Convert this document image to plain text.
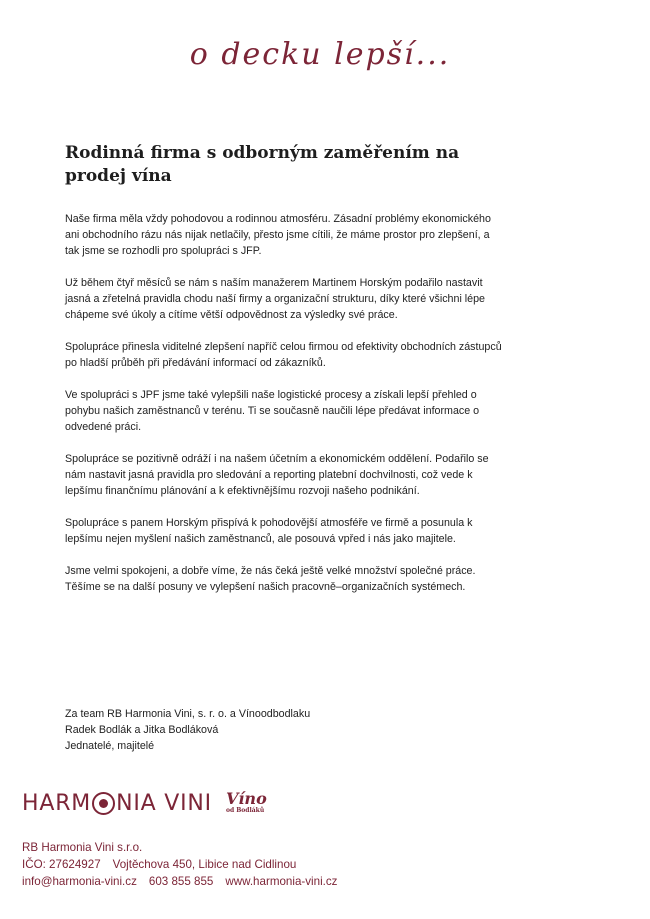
o decku lepší...
Rodinná firma s odborným zaměřením na
prodej vína

Naše firma měla vždy pohodovou a rodinnou atmosféru. Zásadní problémy ekonomického ani obchodního rázu nás nijak netlačily, přesto jsme cítili, že máme prostor pro zlepšení, a tak jsme se rozhodli pro spolupráci s JFP.

Už během čtyř měsíců se nám s naším manažerem Martinem Horským podařilo nastavit jasná a zřetelná pravidla chodu naší firmy a organizační strukturu, díky které všichni lépe chápeme své úkoly a cítíme větší odpovědnost za výsledky své práce.

Spolupráce přinesla viditelné zlepšení napříč celou firmou od efektivity obchodních zástupců po hladší průběh při předávání informací od zákazníků.

Ve spolupráci s JPF jsme také vylepšili naše logistické procesy a získali lepší přehled o pohybu našich zaměstnanců v terénu. Ti se současně naučili lépe předávat informace o odvedené práci.

Spolupráce se pozitivně odráží i na našem účetním a ekonomickém oddělení. Podařilo se nám nastavit jasná pravidla pro sledování a reporting platební dochvilnosti, což vede k lepšímu finančnímu plánování a k efektivnějšímu rozvoji našeho podnikání.

Spolupráce s panem Horským přispívá k pohodovější atmosféře ve firmě a posunula k lepšímu nejen myšlení našich zaměstnanců, ale posouvá vpřed i nás jako majitele.

Jsme velmi spokojeni, a dobře víme, že nás čeká ještě velké množství společné práce. Těšíme se na další posuny ve vylepšení našich pracovně–organizačních systémech.

Za team RB Harmonia Vini, s. r. o. a Vínoodbodlaku
Radek Bodlák a Jitka Bodláková
Jednatelé, majitelé
HARM NIA VINI Víno
od Bodláků
RB Harmonia Vini s.r.o.
IČO: 27624927 Vojtěchova 450, Libice nad Cidlinou
info@harmonia-vini.cz 603 855 855 www.harmonia-vini.cz
